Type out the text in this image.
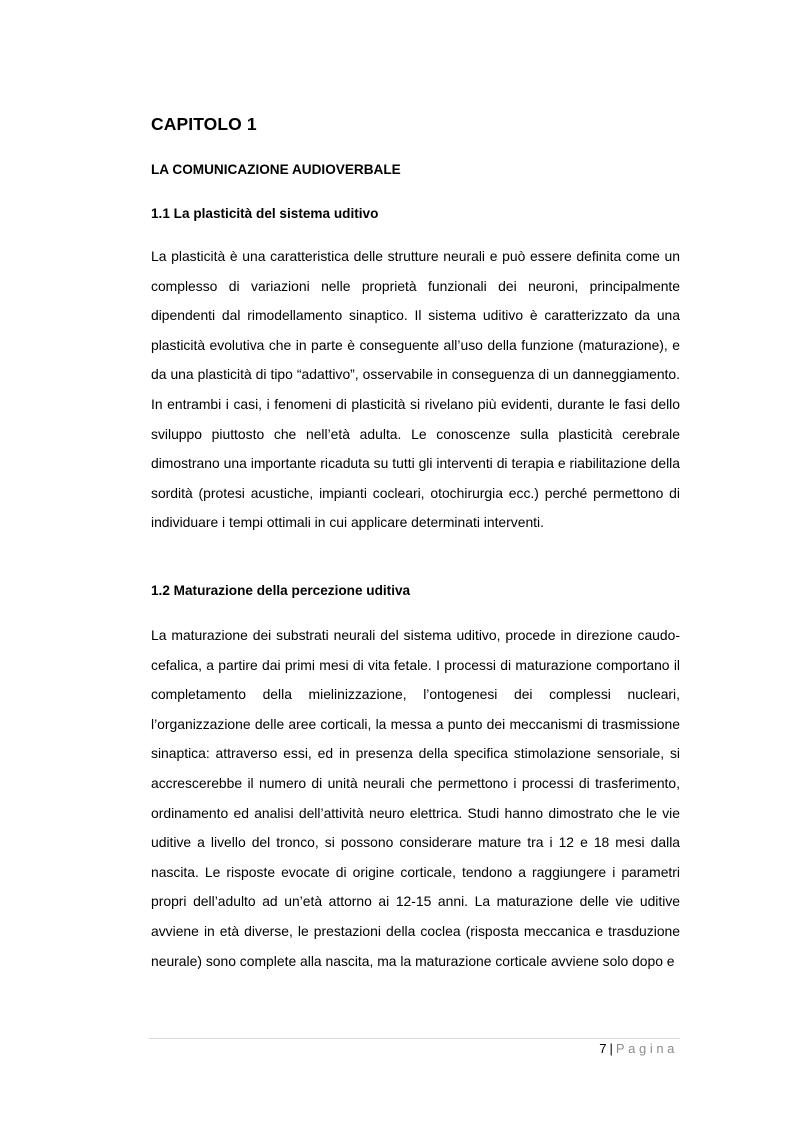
CAPITOLO 1
LA COMUNICAZIONE AUDIOVERBALE
1.1 La plasticità del sistema uditivo

La plasticità è una caratteristica delle strutture neurali e può essere definita come un complesso di variazioni nelle proprietà funzionali dei neuroni, principalmente dipendenti dal rimodellamento sinaptico. Il sistema uditivo è caratterizzato da una plasticità evolutiva che in parte è conseguente all’uso della funzione (maturazione), e da una plasticità di tipo “adattivo”, osservabile in conseguenza di un danneggiamento. In entrambi i casi, i fenomeni di plasticità si rivelano più evidenti, durante le fasi dello sviluppo piuttosto che nell’età adulta. Le conoscenze sulla plasticità cerebrale dimostrano una importante ricaduta su tutti gli interventi di terapia e riabilitazione della sordità (protesi acustiche, impianti cocleari, otochirurgia ecc.) perché permettono di individuare i tempi ottimali in cui applicare determinati interventi.

1.2 Maturazione della percezione uditiva

La maturazione dei substrati neurali del sistema uditivo, procede in direzione caudo-cefalica, a partire dai primi mesi di vita fetale. I processi di maturazione comportano il completamento della mielinizzazione, l’ontogenesi dei complessi nucleari, l’organizzazione delle aree corticali, la messa a punto dei meccanismi di trasmissione sinaptica: attraverso essi, ed in presenza della specifica stimolazione sensoriale, si accrescerebbe il numero di unità neurali che permettono i processi di trasferimento, ordinamento ed analisi dell’attività neuro elettrica. Studi hanno dimostrato che le vie uditive a livello del tronco, si possono considerare mature tra i 12 e 18 mesi dalla nascita. Le risposte evocate di origine corticale, tendono a raggiungere i parametri propri dell’adulto ad un’età attorno ai 12-15 anni. La maturazione delle vie uditive avviene in età diverse, le prestazioni della coclea (risposta meccanica e trasduzione neurale) sono complete alla nascita, ma la maturazione corticale avviene solo dopo e

7 | Pagina
